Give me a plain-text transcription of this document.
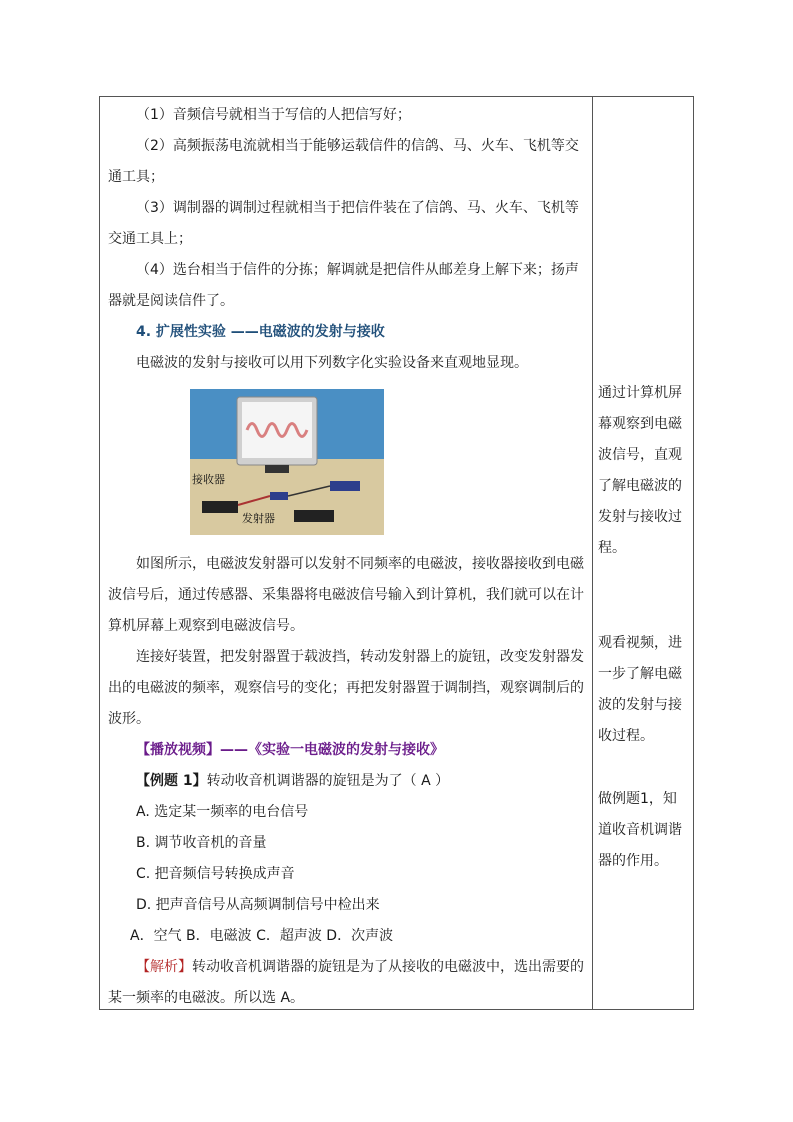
（1）音频信号就相当于写信的人把信写好；

（2）高频振荡电流就相当于能够运载信件的信鸽、马、火车、飞机等交通工具；

（3）调制器的调制过程就相当于把信件装在了信鸽、马、火车、飞机等交通工具上；

（4）选台相当于信件的分拣；解调就是把信件从邮差身上解下来；扬声器就是阅读信件了。

4. 扩展性实验 ——电磁波的发射与接收

电磁波的发射与接收可以用下列数字化实验设备来直观地显现。

接收器
发射器

如图所示，电磁波发射器可以发射不同频率的电磁波，接收器接收到电磁波信号后，通过传感器、采集器将电磁波信号输入到计算机，我们就可以在计算机屏幕上观察到电磁波信号。

连接好装置，把发射器置于载波挡，转动发射器上的旋钮，改变发射器发出的电磁波的频率，观察信号的变化；再把发射器置于调制挡，观察调制后的波形。

【播放视频】——《实验一电磁波的发射与接收》

【例题 1】转动收音机调谐器的旋钮是为了（ A ）

A. 选定某一频率的电台信号

B. 调节收音机的音量

C. 把音频信号转换成声音

D. 把声音信号从高频调制信号中检出来

A．空气 B．电磁波 C．超声波 D．次声波

【解析】转动收音机调谐器的旋钮是为了从接收的电磁波中，选出需要的某一频率的电磁波。所以选 A。

通过计算机屏幕观察到电磁波信号，直观了解电磁波的发射与接收过程。
观看视频，进一步了解电磁波的发射与接收过程。
做例题1，知道收音机调谐器的作用。
